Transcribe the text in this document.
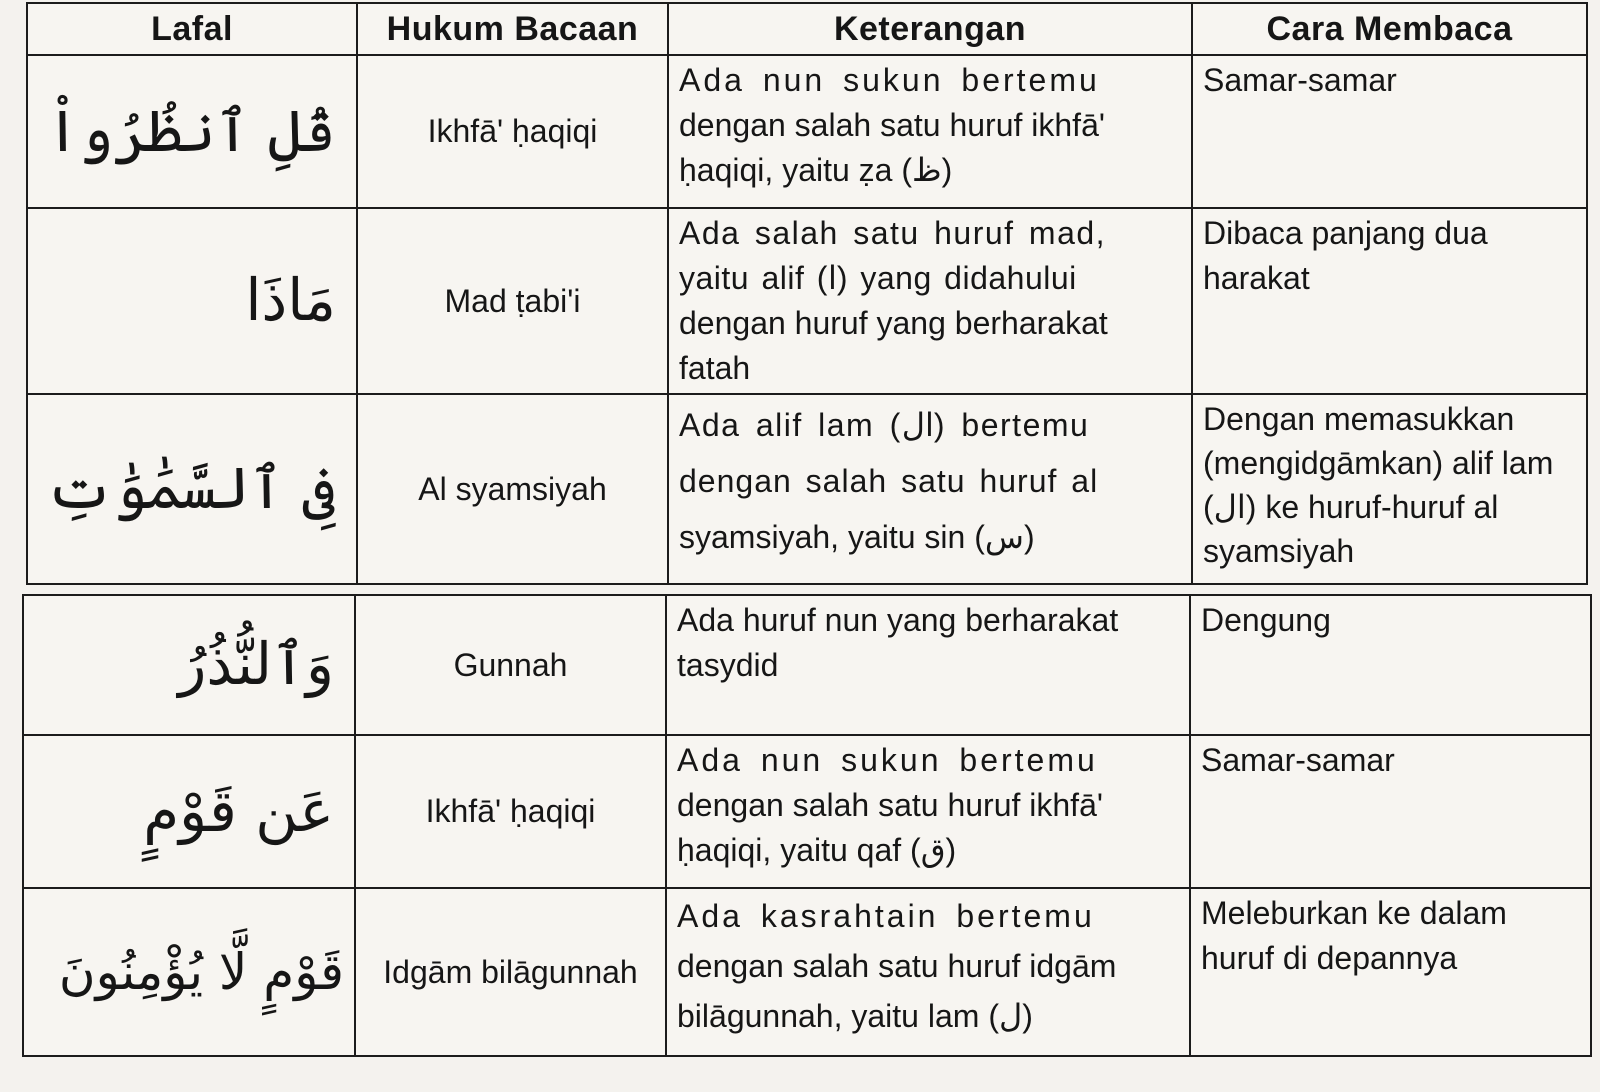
Lafal	Hukum Bacaan	Keterangan	Cara Membaca
قُلِ ٱنظُرُواْ	Ikhfā' ḥaqiqi	Ada nun sukun bertemu
dengan salah satu huruf ikhfā'
ḥaqiqi, yaitu ẓa (ظ)	Samar-samar
مَاذَا	Mad ṭabi'i	Ada salah satu huruf mad,
yaitu alif (ا) yang didahului
dengan huruf yang berharakat
fatah	Dibaca panjang dua harakat
فِى ٱلسَّمَٰوَٰتِ	Al syamsiyah	Ada alif lam (ال) bertemu
dengan salah satu huruf al
syamsiyah, yaitu sin (س)	Dengan memasukkan (mengidgāmkan) alif lam (ال) ke huruf-huruf al syamsiyah
وَٱلنُّذُرُ	Gunnah	Ada huruf nun yang berharakat
tasydid	Dengung
عَن قَوْمٍ	Ikhfā' ḥaqiqi	Ada nun sukun bertemu
dengan salah satu huruf ikhfā'
ḥaqiqi, yaitu qaf (ق)	Samar-samar
قَوْمٍ لَّا يُؤْمِنُونَ	Idgām bilāgunnah	Ada kasrahtain bertemu
dengan salah satu huruf idgām
bilāgunnah, yaitu lam (ل)	Meleburkan ke dalam huruf di depannya
